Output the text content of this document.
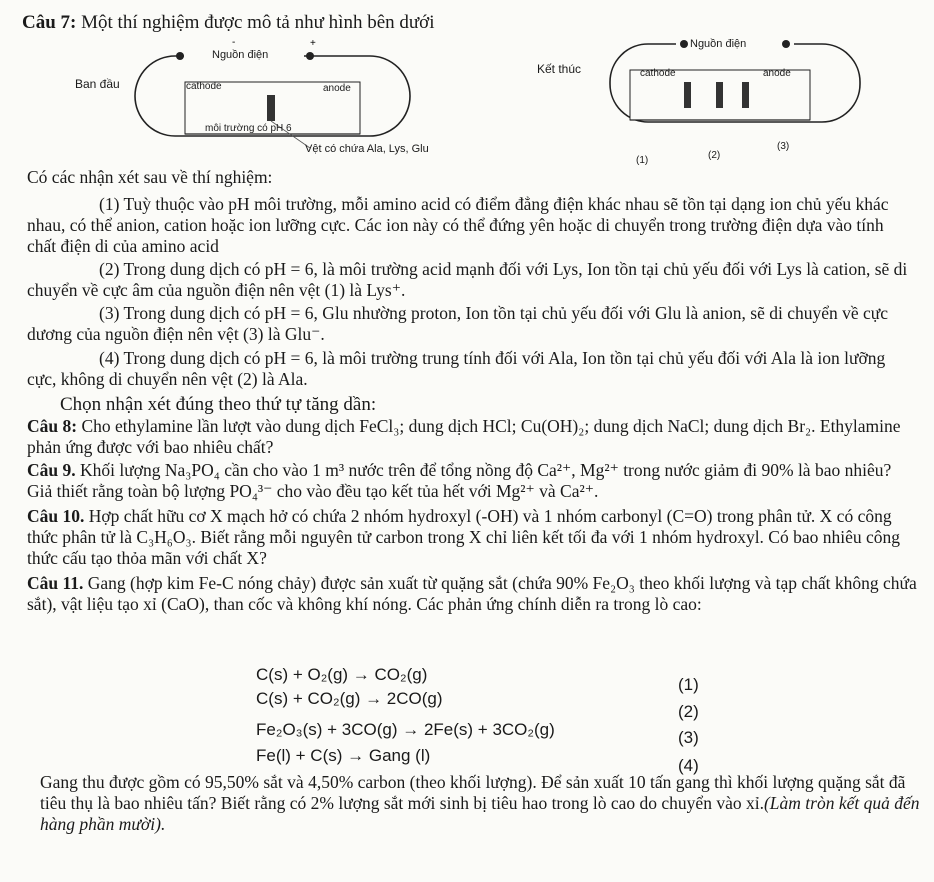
Câu 7: Một thí nghiệm được mô tả như hình bên dưới
-	+
Ban đầu
Nguồn điện
cathode	anode
môi trường có pH 6
Vệt có chứa Ala, Lys, Glu
Kết thúc
Nguồn điện
cathode	anode
(1)	(2)
(3)
Có các nhận xét sau về thí nghiệm:
(1) Tuỳ thuộc vào pH môi trường, mỗi amino acid có điểm đẳng điện khác nhau sẽ tồn tại dạng ion chủ yếu khác nhau, có thể anion, cation hoặc ion lưỡng cực. Các ion này có thể đứng yên hoặc di chuyển trong trường điện dựa vào tính chất điện di của amino acid
(2) Trong dung dịch có pH = 6, là môi trường acid mạnh đối với Lys, Ion tồn tại chủ yếu đối với Lys là cation, sẽ di chuyển về cực âm của nguồn điện nên vệt (1) là Lys⁺.
(3) Trong dung dịch có pH = 6, Glu nhường proton, Ion tồn tại chủ yếu đối với Glu là anion, sẽ di chuyển về cực dương của nguồn điện nên vệt (3) là Glu⁻.
(4) Trong dung dịch có pH = 6, là môi trường trung tính đối với Ala, Ion tồn tại chủ yếu đối với Ala là ion lưỡng cực, không di chuyển nên vệt (2) là Ala.
Chọn nhận xét đúng theo thứ tự tăng dần:
Câu 8: Cho ethylamine lần lượt vào dung dịch FeCl₃; dung dịch HCl; Cu(OH)₂; dung dịch NaCl; dung dịch Br₂. Ethylamine phản ứng được với bao nhiêu chất?
Câu 9. Khối lượng Na₃PO₄ cần cho vào 1 m³ nước trên để tổng nồng độ Ca²⁺, Mg²⁺ trong nước giảm đi 90% là bao nhiêu? Giả thiết rằng toàn bộ lượng PO₄³⁻ cho vào đều tạo kết tủa hết với Mg²⁺ và Ca²⁺.
Câu 10. Hợp chất hữu cơ X mạch hở có chứa 2 nhóm hydroxyl (-OH) và 1 nhóm carbonyl (C=O) trong phân tử. X có công thức phân tử là C₃H₆O₃. Biết rằng mỗi nguyên tử carbon trong X chỉ liên kết tối đa với 1 nhóm hydroxyl. Có bao nhiêu công thức cấu tạo thỏa mãn với chất X?
Câu 11. Gang (hợp kim Fe-C nóng chảy) được sản xuất từ quặng sắt (chứa 90% Fe₂O₃ theo khối lượng và tạp chất không chứa sắt), vật liệu tạo xỉ (CaO), than cốc và không khí nóng. Các phản ứng chính diễn ra trong lò cao:
C(s) + O₂(g) → CO₂(g)
(1)
C(s) + CO₂(g) → 2CO(g)
(2)
Fe₂O₃(s) + 3CO(g) → 2Fe(s) + 3CO₂(g)	(3)
Fe(l) + C(s) → Gang (l)
(4)
Gang thu được gồm có 95,50% sắt và 4,50% carbon (theo khối lượng). Để sản xuất 10 tấn gang thì khối lượng quặng sắt đã tiêu thụ là bao nhiêu tấn? Biết rằng có 2% lượng sắt mới sinh bị tiêu hao trong lò cao do chuyển vào xỉ.(Làm tròn kết quả đến hàng phần mười).
